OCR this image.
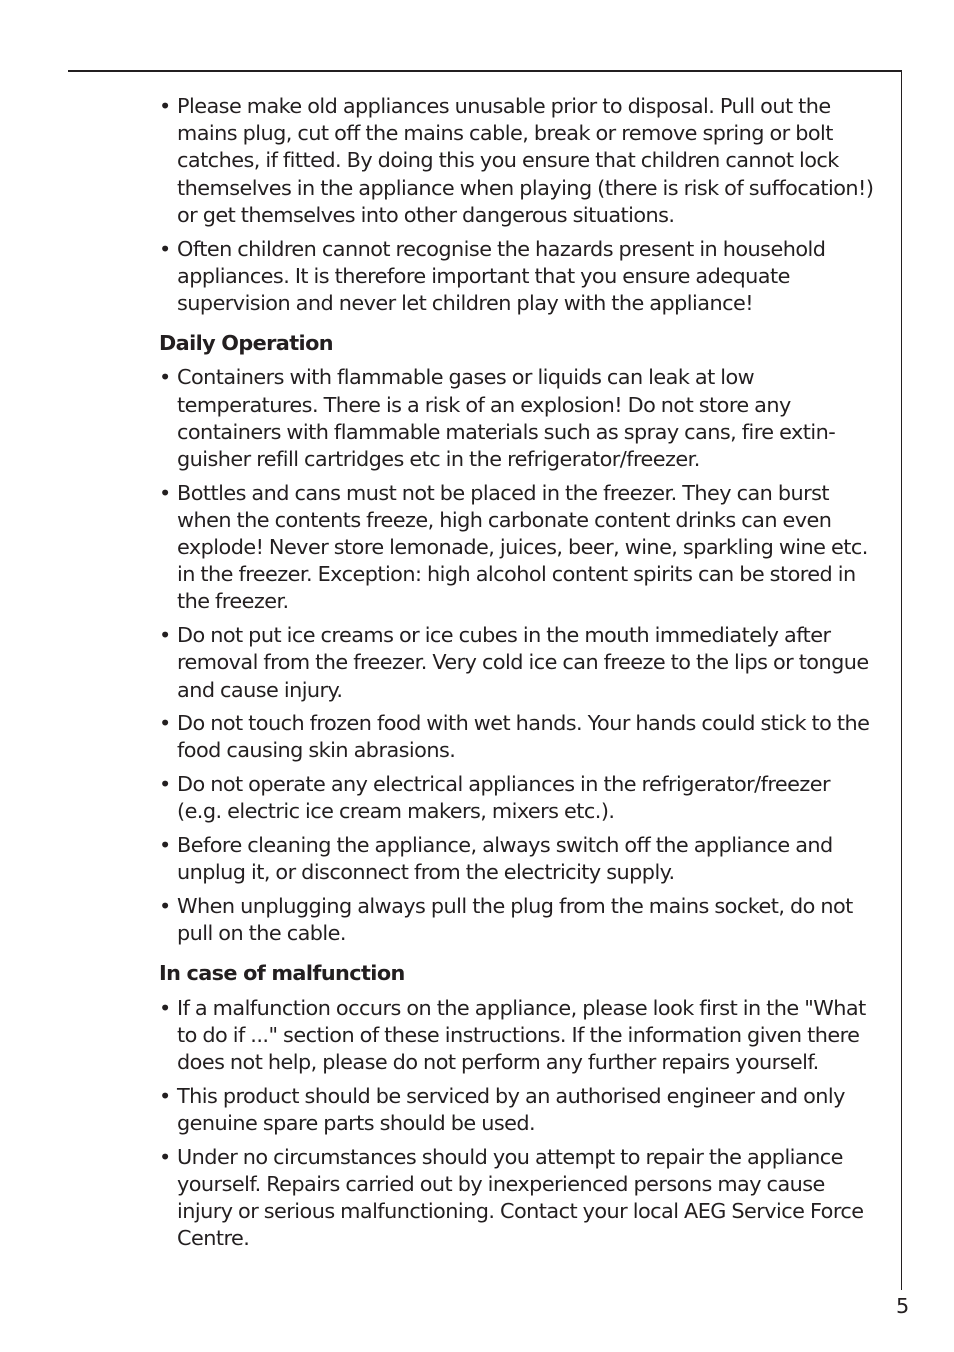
• Please make old appliances unusable prior to disposal. Pull out the mains plug, cut off the mains cable, break or remove spring or bolt catches, if fitted. By doing this you ensure that children cannot lock themselves in the appliance when playing (there is risk of suffocation!) or get themselves into other dangerous situations.

• Often children cannot recognise the hazards present in household appliances. It is therefore important that you ensure adequate supervision and never let children play with the appliance!

Daily Operation

• Containers with flammable gases or liquids can leak at low temperatures. There is a risk of an explosion! Do not store any containers with flammable materials such as spray cans, fire extinguisher refill cartridges etc in the refrigerator/freezer.

• Bottles and cans must not be placed in the freezer. They can burst when the contents freeze, high carbonate content drinks can even explode! Never store lemonade, juices, beer, wine, sparkling wine etc. in the freezer. Exception: high alcohol content spirits can be stored in the freezer.

• Do not put ice creams or ice cubes in the mouth immediately after removal from the freezer. Very cold ice can freeze to the lips or tongue and cause injury.

• Do not touch frozen food with wet hands. Your hands could stick to the food causing skin abrasions.

• Do not operate any electrical appliances in the refrigerator/freezer (e.g. electric ice cream makers, mixers etc.).

• Before cleaning the appliance, always switch off the appliance and unplug it, or disconnect from the electricity supply.

• When unplugging always pull the plug from the mains socket, do not pull on the cable.

In case of malfunction

• If a malfunction occurs on the appliance, please look first in the "What to do if ..." section of these instructions. If the information given there does not help, please do not perform any further repairs yourself.

• This product should be serviced by an authorised engineer and only genuine spare parts should be used.

• Under no circumstances should you attempt to repair the appliance yourself. Repairs carried out by inexperienced persons may cause injury or serious malfunctioning. Contact your local AEG Service Force Centre.

5
